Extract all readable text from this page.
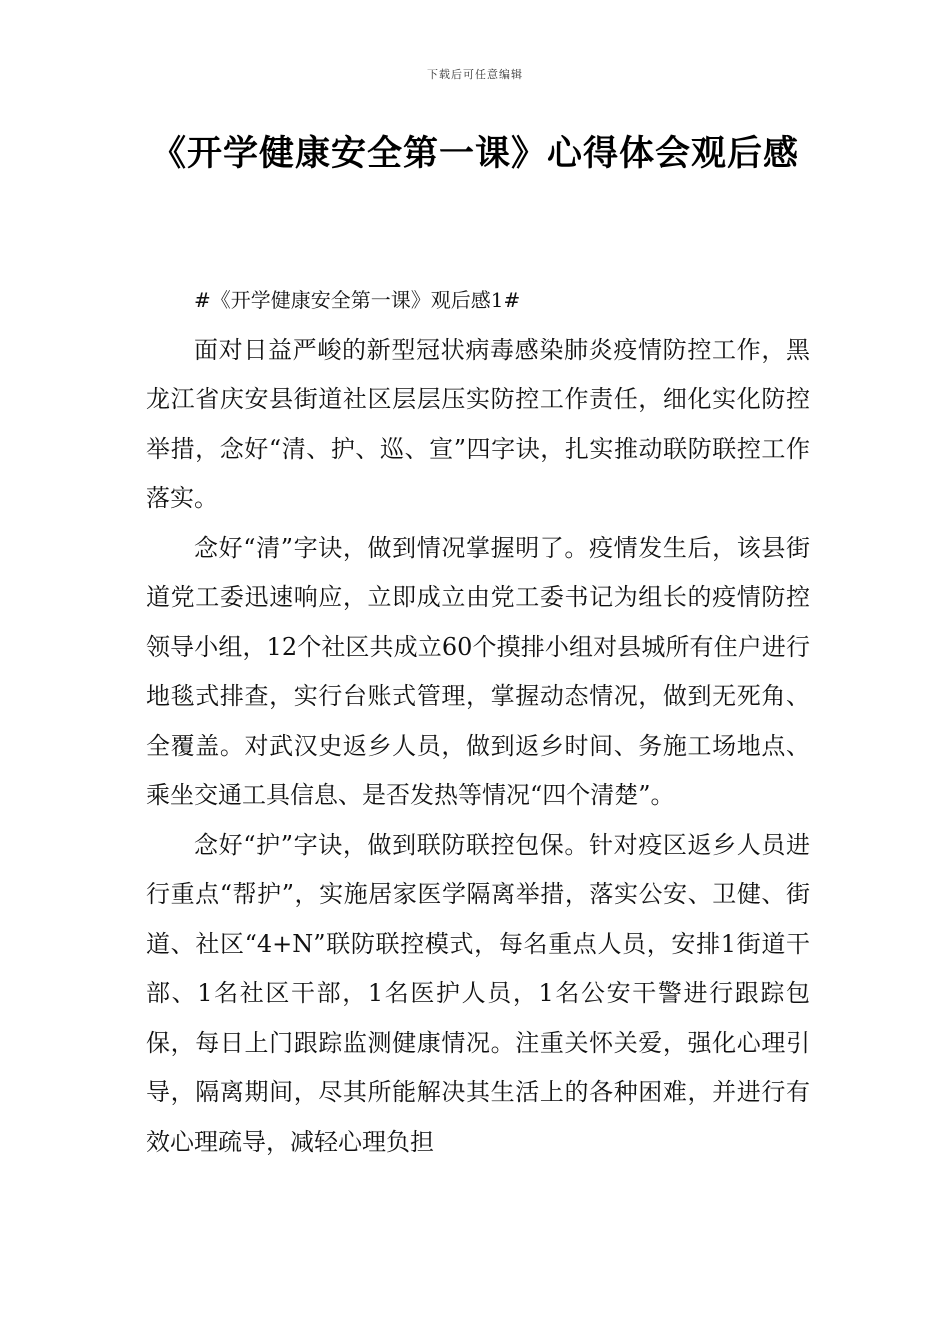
下载后可任意编辑
《开学健康安全第一课》心得体会观后感

#《开学健康安全第一课》观后感1#

面对日益严峻的新型冠状病毒感染肺炎疫情防控工作，黑龙江省庆安县街道社区层层压实防控工作责任，细化实化防控举措，念好“清、护、巡、宣”四字诀，扎实推动联防联控工作落实。

念好“清”字诀，做到情况掌握明了。疫情发生后，该县街道党工委迅速响应，立即成立由党工委书记为组长的疫情防控领导小组，12个社区共成立60个摸排小组对县城所有住户进行地毯式排查，实行台账式管理，掌握动态情况，做到无死角、全覆盖。对武汉史返乡人员，做到返乡时间、务施工场地点、乘坐交通工具信息、是否发热等情况“四个清楚”。

念好“护”字诀，做到联防联控包保。针对疫区返乡人员进行重点“帮护”，实施居家医学隔离举措，落实公安、卫健、街道、社区“4+N”联防联控模式，每名重点人员，安排1街道干部、1名社区干部，1名医护人员，1名公安干警进行跟踪包保，每日上门跟踪监测健康情况。注重关怀关爱，强化心理引导，隔离期间，尽其所能解决其生活上的各种困难，并进行有效心理疏导，减轻心理负担
